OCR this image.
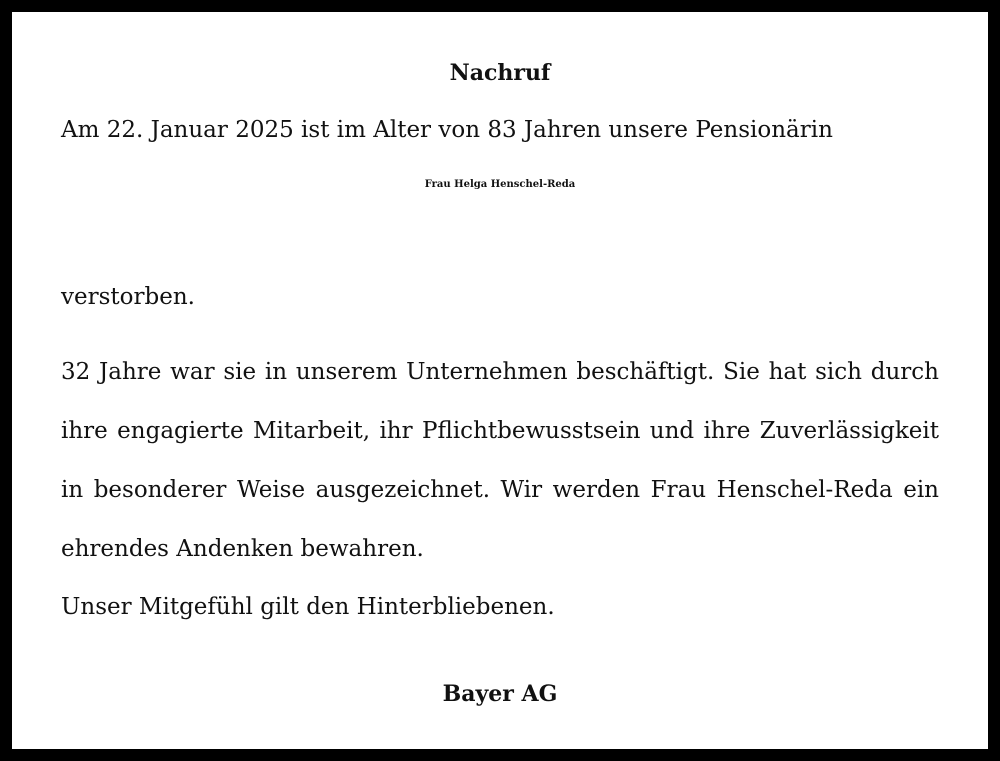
Nachruf
Am 22. Januar 2025 ist im Alter von 83 Jahren unsere Pensionärin
Frau Helga Henschel-Reda
verstorben.
32 Jahre war sie in unserem Unternehmen beschäftigt. Sie hat sich durch ihre engagierte Mitarbeit, ihr Pflichtbewusstsein und ihre Zuverlässigkeit in besonderer Weise ausgezeichnet. Wir werden Frau Henschel-Reda ein ehrendes Andenken bewahren.
Unser Mitgefühl gilt den Hinterbliebenen.
Bayer AG
